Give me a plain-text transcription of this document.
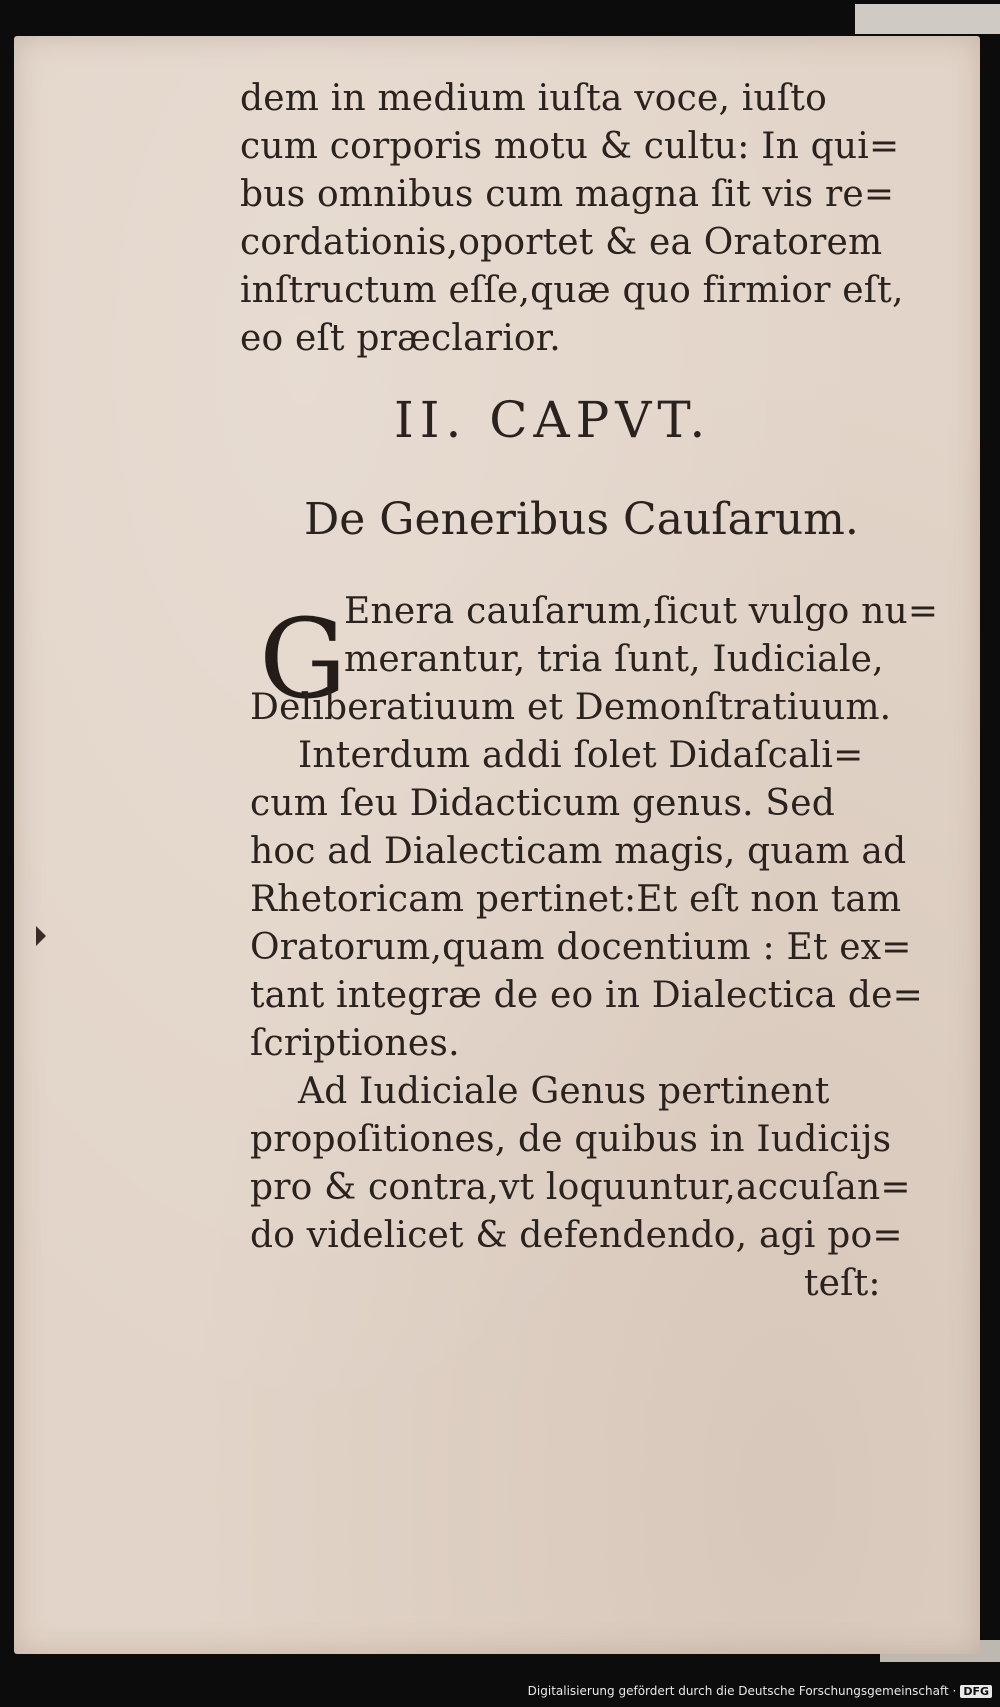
dem in medium iuſta voce, iuſto
cum corporis motu & cultu: In qui=
bus omnibus cum magna ſit vis re=
cordationis,oportet & ea Oratorem
inſtructum eſſe,quæ quo firmior eſt,
eo eſt præclarior.
II. CAPVT.
De Generibus Cauſarum.
G
Enera cauſarum,ſicut vulgo nu=
merantur, tria ſunt, Iudiciale,
Deliberatiuum et Demonſtratiuum.
Interdum addi ſolet Didaſcali=
cum ſeu Didacticum genus. Sed
hoc ad Dialecticam magis, quam ad
Rhetoricam pertinet:Et eſt non tam
Oratorum,quam docentium : Et ex=
tant integræ de eo in Dialectica de=
ſcriptiones.
Ad Iudiciale Genus pertinent
propoſitiones, de quibus in Iudicijs
pro & contra,vt loquuntur,accuſan=
do videlicet & defendendo, agi po=
teſt:
Digitalisierung gefördert durch die Deutsche Forschungsgemeinschaft · DFG
